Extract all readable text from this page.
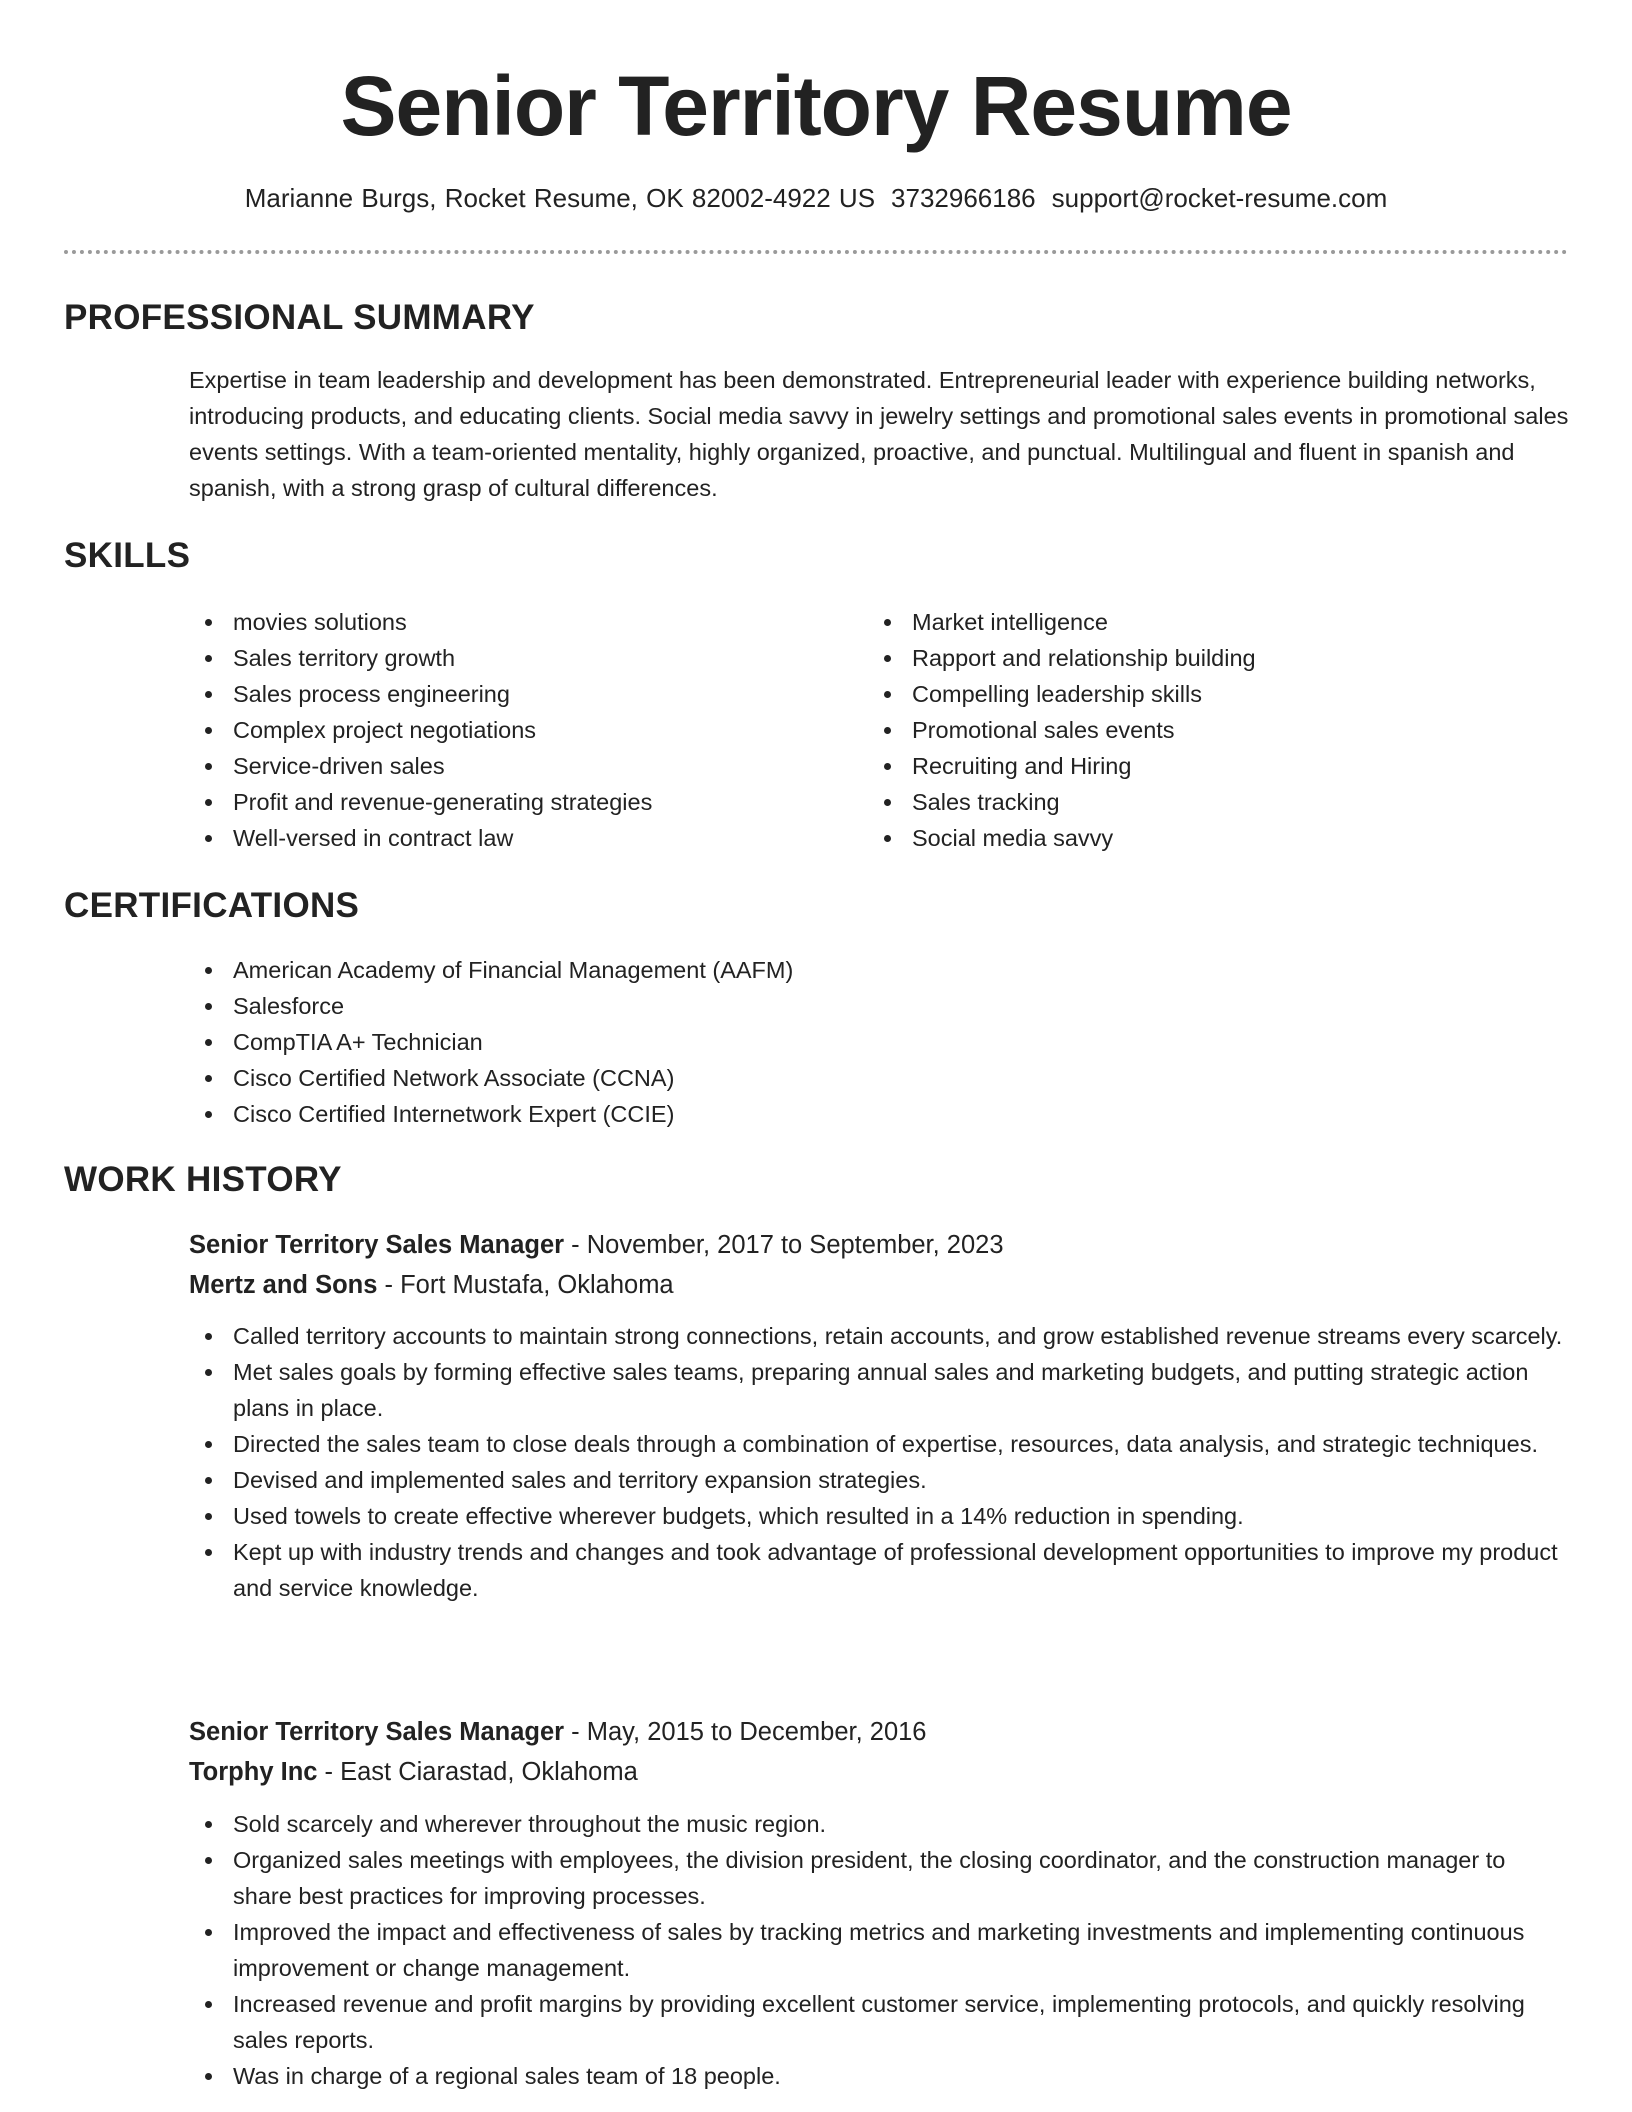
Senior Territory Resume
Marianne Burgs, Rocket Resume, OK 82002-4922 US 3732966186 support@rocket-resume.com
PROFESSIONAL SUMMARY
Expertise in team leadership and development has been demonstrated. Entrepreneurial leader with experience building networks, introducing products, and educating clients. Social media savvy in jewelry settings and promotional sales events in promotional sales events settings. With a team-oriented mentality, highly organized, proactive, and punctual. Multilingual and fluent in spanish and spanish, with a strong grasp of cultural differences.
SKILLS
movies solutions
Sales territory growth
Sales process engineering
Complex project negotiations
Service-driven sales
Profit and revenue-generating strategies
Well-versed in contract law
Market intelligence
Rapport and relationship building
Compelling leadership skills
Promotional sales events
Recruiting and Hiring
Sales tracking
Social media savvy
CERTIFICATIONS
American Academy of Financial Management (AAFM)
Salesforce
CompTIA A+ Technician
Cisco Certified Network Associate (CCNA)
Cisco Certified Internetwork Expert (CCIE)
WORK HISTORY
Senior Territory Sales Manager - November, 2017 to September, 2023
Mertz and Sons - Fort Mustafa, Oklahoma
Called territory accounts to maintain strong connections, retain accounts, and grow established revenue streams every scarcely.
Met sales goals by forming effective sales teams, preparing annual sales and marketing budgets, and putting strategic action plans in place.
Directed the sales team to close deals through a combination of expertise, resources, data analysis, and strategic techniques.
Devised and implemented sales and territory expansion strategies.
Used towels to create effective wherever budgets, which resulted in a 14% reduction in spending.
Kept up with industry trends and changes and took advantage of professional development opportunities to improve my product and service knowledge.
Senior Territory Sales Manager - May, 2015 to December, 2016
Torphy Inc - East Ciarastad, Oklahoma
Sold scarcely and wherever throughout the music region.
Organized sales meetings with employees, the division president, the closing coordinator, and the construction manager to share best practices for improving processes.
Improved the impact and effectiveness of sales by tracking metrics and marketing investments and implementing continuous improvement or change management.
Increased revenue and profit margins by providing excellent customer service, implementing protocols, and quickly resolving sales reports.
Was in charge of a regional sales team of 18 people.
